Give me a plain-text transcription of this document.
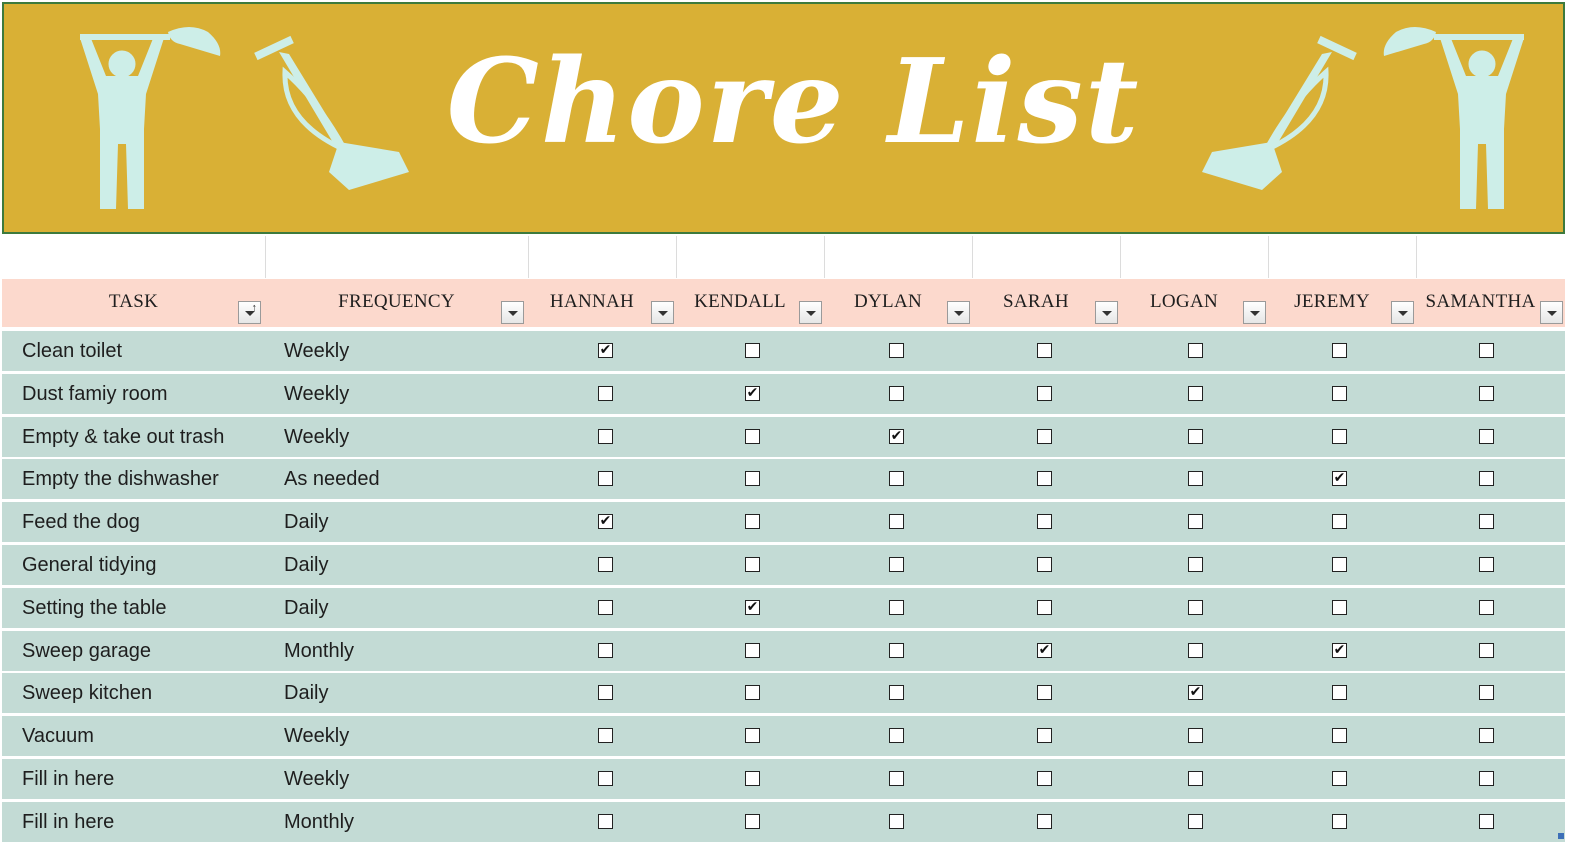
Chore List
TASK
↑	FREQUENCY	HANNAH	KENDALL	DYLAN	SARAH	LOGAN	JEREMY	SAMANTHA
Clean toilet	Weekly	✔
Dust famiy room	Weekly	✔
Empty & take out trash	Weekly	✔
Empty the dishwasher	As needed	✔
Feed the dog	Daily	✔
General tidying	Daily
Setting the table	Daily	✔
Sweep garage	Monthly	✔	✔
Sweep kitchen	Daily	✔
Vacuum	Weekly
Fill in here	Weekly
Fill in here	Monthly
